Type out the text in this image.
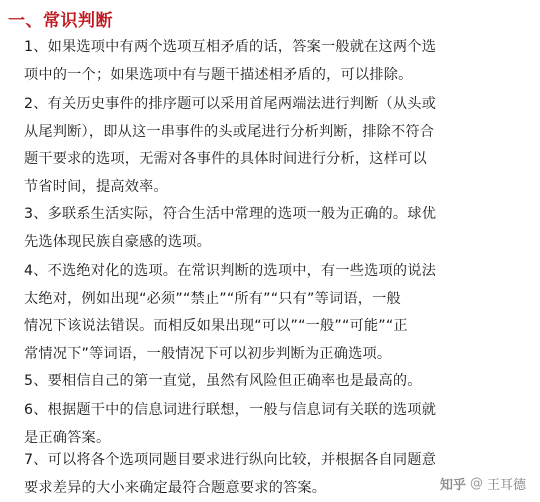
一、常识判断
1、如果选项中有两个选项互相矛盾的话，答案一般就在这两个选
项中的一个；如果选项中有与题干描述相矛盾的，可以排除。
2、有关历史事件的排序题可以采用首尾两端法进行判断（从头或
从尾判断），即从这一串事件的头或尾进行分析判断，排除不符合
题干要求的选项，无需对各事件的具体时间进行分析，这样可以
节省时间，提高效率。
3、多联系生活实际，符合生活中常理的选项一般为正确的。球优
先选体现民族自豪感的选项。
4、不选绝对化的选项。在常识判断的选项中，有一些选项的说法
太绝对，例如出现“必须”“禁止”“所有”“只有”等词语，一般
情况下该说法错误。而相反如果出现“可以”“一般”“可能”“正
常情况下”等词语，一般情况下可以初步判断为正确选项。
5、要相信自己的第一直觉，虽然有风险但正确率也是最高的。
6、根据题干中的信息词进行联想，一般与信息词有关联的选项就
是正确答案。
7、可以将各个选项同题目要求进行纵向比较，并根据各自同题意
要求差异的大小来确定最符合题意要求的答案。	知乎 @ 王耳德
